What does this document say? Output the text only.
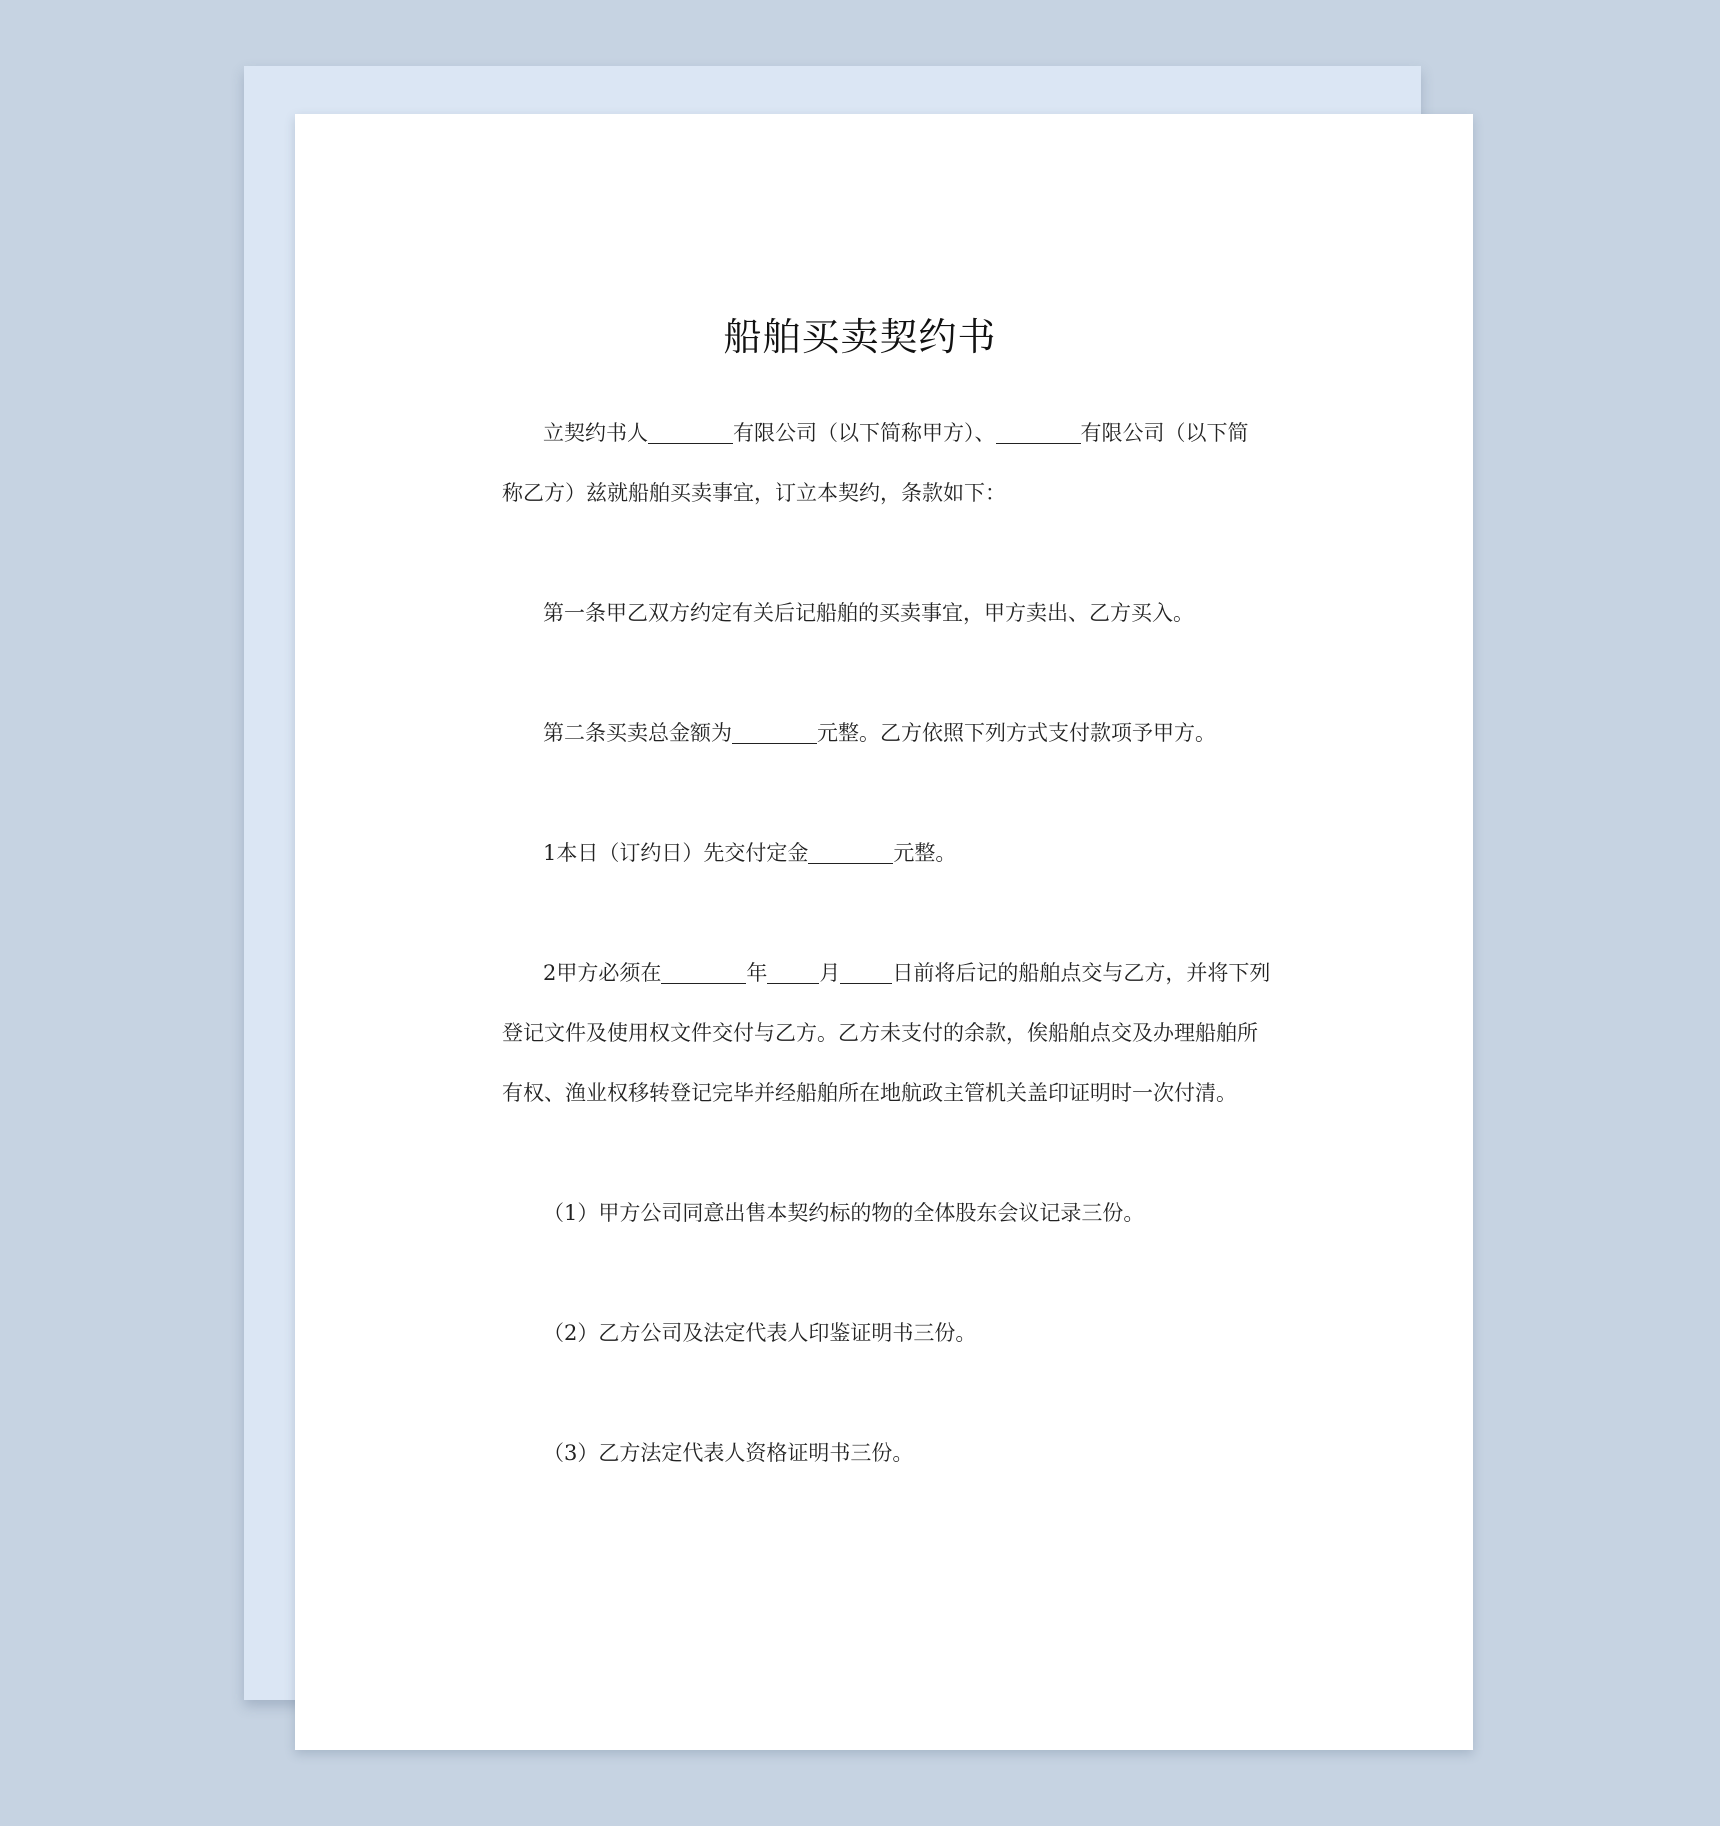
船舶买卖契约书
立契约书人	有限公司（以下简称甲方）、	有限公司（以下简
称乙方）兹就船舶买卖事宜，订立本契约，条款如下：
第一条甲乙双方约定有关后记船舶的买卖事宜，甲方卖出、乙方买入。
第二条买卖总金额为	元整。乙方依照下列方式支付款项予甲方。
1本日（订约日）先交付定金	元整。
2甲方必须在	年 月 日前将后记的船舶点交与乙方，并将下列
登记文件及使用权文件交付与乙方。乙方未支付的余款，俟船舶点交及办理船舶所
有权、渔业权移转登记完毕并经船舶所在地航政主管机关盖印证明时一次付清。
（1）甲方公司同意出售本契约标的物的全体股东会议记录三份。
（2）乙方公司及法定代表人印鉴证明书三份。
（3）乙方法定代表人资格证明书三份。
